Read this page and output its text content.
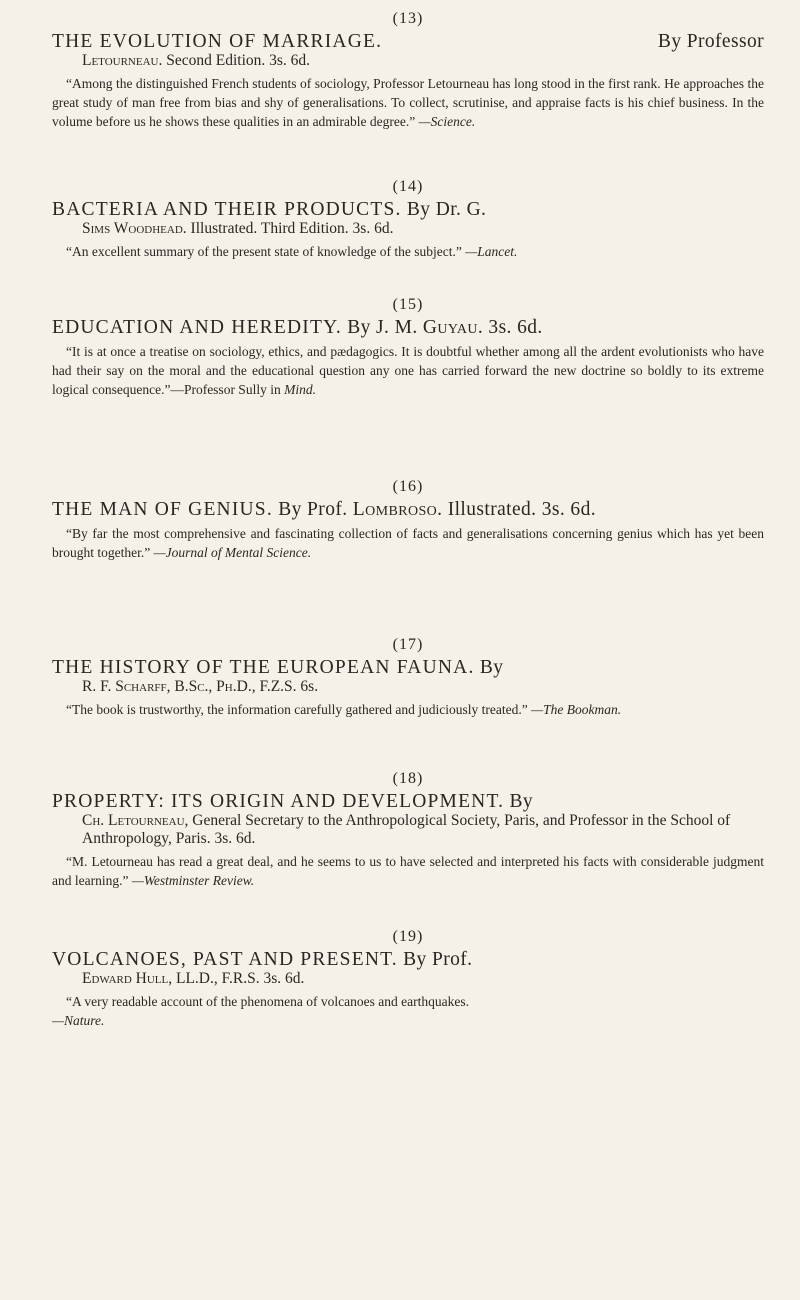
(13)
THE EVOLUTION OF MARRIAGE.	By Professor
Letourneau. Second Edition. 3s. 6d.
“Among the distinguished French students of sociology, Professor Letourneau has long stood in the first rank. He approaches the great study of man free from bias and shy of generalisations. To collect, scrutinise, and appraise facts is his chief business. In the volume before us he shows these qualities in an admirable degree.” —Science.
(14)
BACTERIA AND THEIR PRODUCTS. By Dr. G.
Sims Woodhead. Illustrated. Third Edition. 3s. 6d.
“An excellent summary of the present state of knowledge of the subject.” —Lancet.
(15)
EDUCATION AND HEREDITY. By J. M. Guyau. 3s. 6d.
“It is at once a treatise on sociology, ethics, and pædagogics. It is doubtful whether among all the ardent evolutionists who have had their say on the moral and the educational question any one has carried forward the new doctrine so boldly to its extreme logical consequence.”—Professor Sully in Mind.
(16)
THE MAN OF GENIUS. By Prof. Lombroso. Illustrated. 3s. 6d.
“By far the most comprehensive and fascinating collection of facts and generalisations concerning genius which has yet been brought together.” —Journal of Mental Science.
(17)
THE HISTORY OF THE EUROPEAN FAUNA. By
R. F. Scharff, B.Sc., Ph.D., F.Z.S. 6s.
“The book is trustworthy, the information carefully gathered and judiciously treated.” —The Bookman.
(18)
PROPERTY: ITS ORIGIN AND DEVELOPMENT. By
Ch. Letourneau, General Secretary to the Anthropological Society, Paris, and Professor in the School of Anthropology, Paris. 3s. 6d.
“M. Letourneau has read a great deal, and he seems to us to have selected and interpreted his facts with considerable judgment and learning.” —Westminster Review.
(19)
VOLCANOES, PAST AND PRESENT. By Prof.
Edward Hull, LL.D., F.R.S. 3s. 6d.
“A very readable account of the phenomena of volcanoes and earthquakes.
—Nature.
